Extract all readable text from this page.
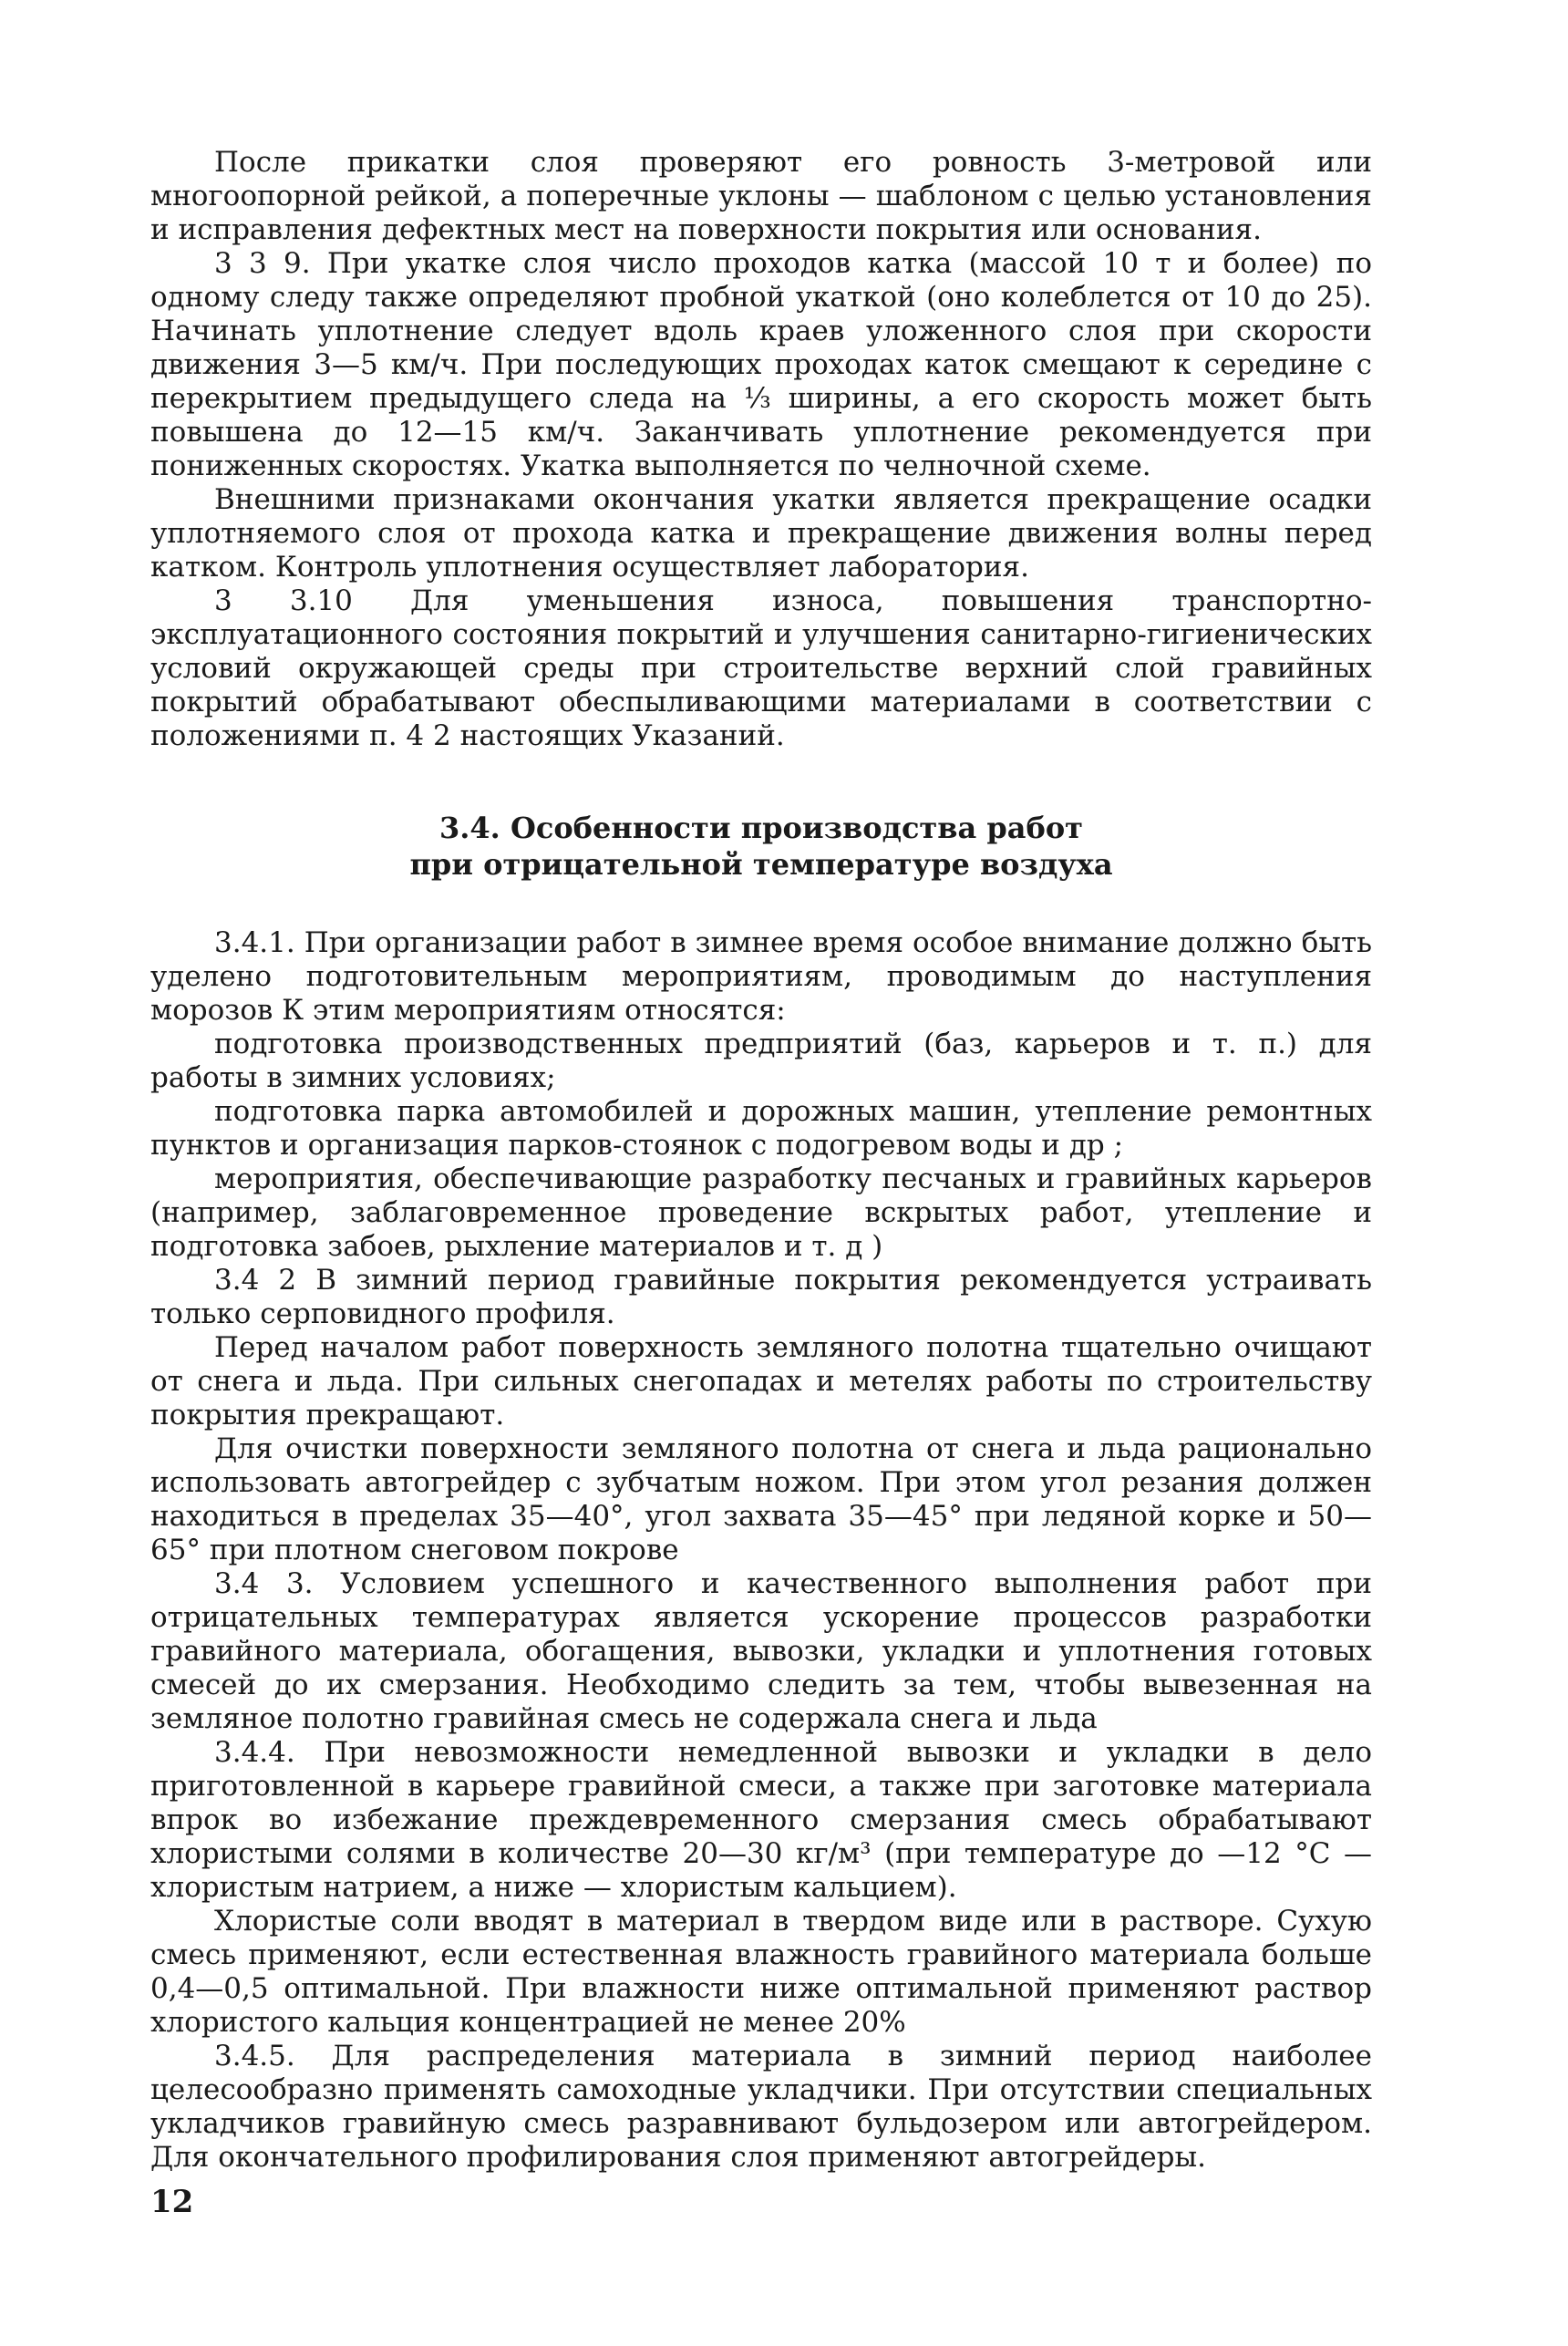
После прикатки слоя проверяют его ровность 3-метровой или многоопорной рейкой, а поперечные уклоны — шаблоном с целью установления и исправления дефектных мест на поверхности покрытия или основания.

3 3 9. При укатке слоя число проходов катка (массой 10 т и более) по одному следу также определяют пробной укаткой (оно колеблется от 10 до 25). Начинать уплотнение следует вдоль краев уложенного слоя при скорости движения 3—5 км/ч. При последующих проходах каток смещают к середине с перекрытием предыдущего следа на ⅓ ширины, а его скорость может быть повышена до 12—15 км/ч. Заканчивать уплотнение рекомендуется при пониженных скоростях. Укатка выполняется по челночной схеме.

Внешними признаками окончания укатки является прекращение осадки уплотняемого слоя от прохода катка и прекращение движения волны перед катком. Контроль уплотнения осуществляет лаборатория.

3 3.10 Для уменьшения износа, повышения транспортно-эксплуатационного состояния покрытий и улучшения санитарно-гигиенических условий окружающей среды при строительстве верхний слой гравийных покрытий обрабатывают обеспыливающими материалами в соответствии с положениями п. 4 2 настоящих Указаний.

3.4. Особенности производства работ
при отрицательной температуре воздуха

3.4.1. При организации работ в зимнее время особое внимание должно быть уделено подготовительным мероприятиям, проводимым до наступления морозов К этим мероприятиям относятся:

подготовка производственных предприятий (баз, карьеров и т. п.) для работы в зимних условиях;

подготовка парка автомобилей и дорожных машин, утепление ремонтных пунктов и организация парков-стоянок с подогревом воды и др ;

мероприятия, обеспечивающие разработку песчаных и гравийных карьеров (например, заблаговременное проведение вскрытых работ, утепление и подготовка забоев, рыхление материалов и т. д )

3.4 2 В зимний период гравийные покрытия рекомендуется устраивать только серповидного профиля.

Перед началом работ поверхность земляного полотна тщательно очищают от снега и льда. При сильных снегопадах и метелях работы по строительству покрытия прекращают.

Для очистки поверхности земляного полотна от снега и льда рационально использовать автогрейдер с зубчатым ножом. При этом угол резания должен находиться в пределах 35—40°, угол захвата 35—45° при ледяной корке и 50—65° при плотном снеговом покрове

3.4 3. Условием успешного и качественного выполнения работ при отрицательных температурах является ускорение процессов разработки гравийного материала, обогащения, вывозки, укладки и уплотнения готовых смесей до их смерзания. Необходимо следить за тем, чтобы вывезенная на земляное полотно гравийная смесь не содержала снега и льда

3.4.4. При невозможности немедленной вывозки и укладки в дело приготовленной в карьере гравийной смеси, а также при заготовке материала впрок во избежание преждевременного смерзания смесь обрабатывают хлористыми солями в количестве 20—30 кг/м³ (при температуре до —12 °С — хлористым натрием, а ниже — хлористым кальцием).

Хлористые соли вводят в материал в твердом виде или в растворе. Сухую смесь применяют, если естественная влажность гравийного материала больше 0,4—0,5 оптимальной. При влажности ниже оптимальной применяют раствор хлористого кальция концентрацией не менее 20%

3.4.5. Для распределения материала в зимний период наиболее целесообразно применять самоходные укладчики. При отсутствии специальных укладчиков гравийную смесь разравнивают бульдозером или автогрейдером. Для окончательного профилирования слоя применяют автогрейдеры.

12
